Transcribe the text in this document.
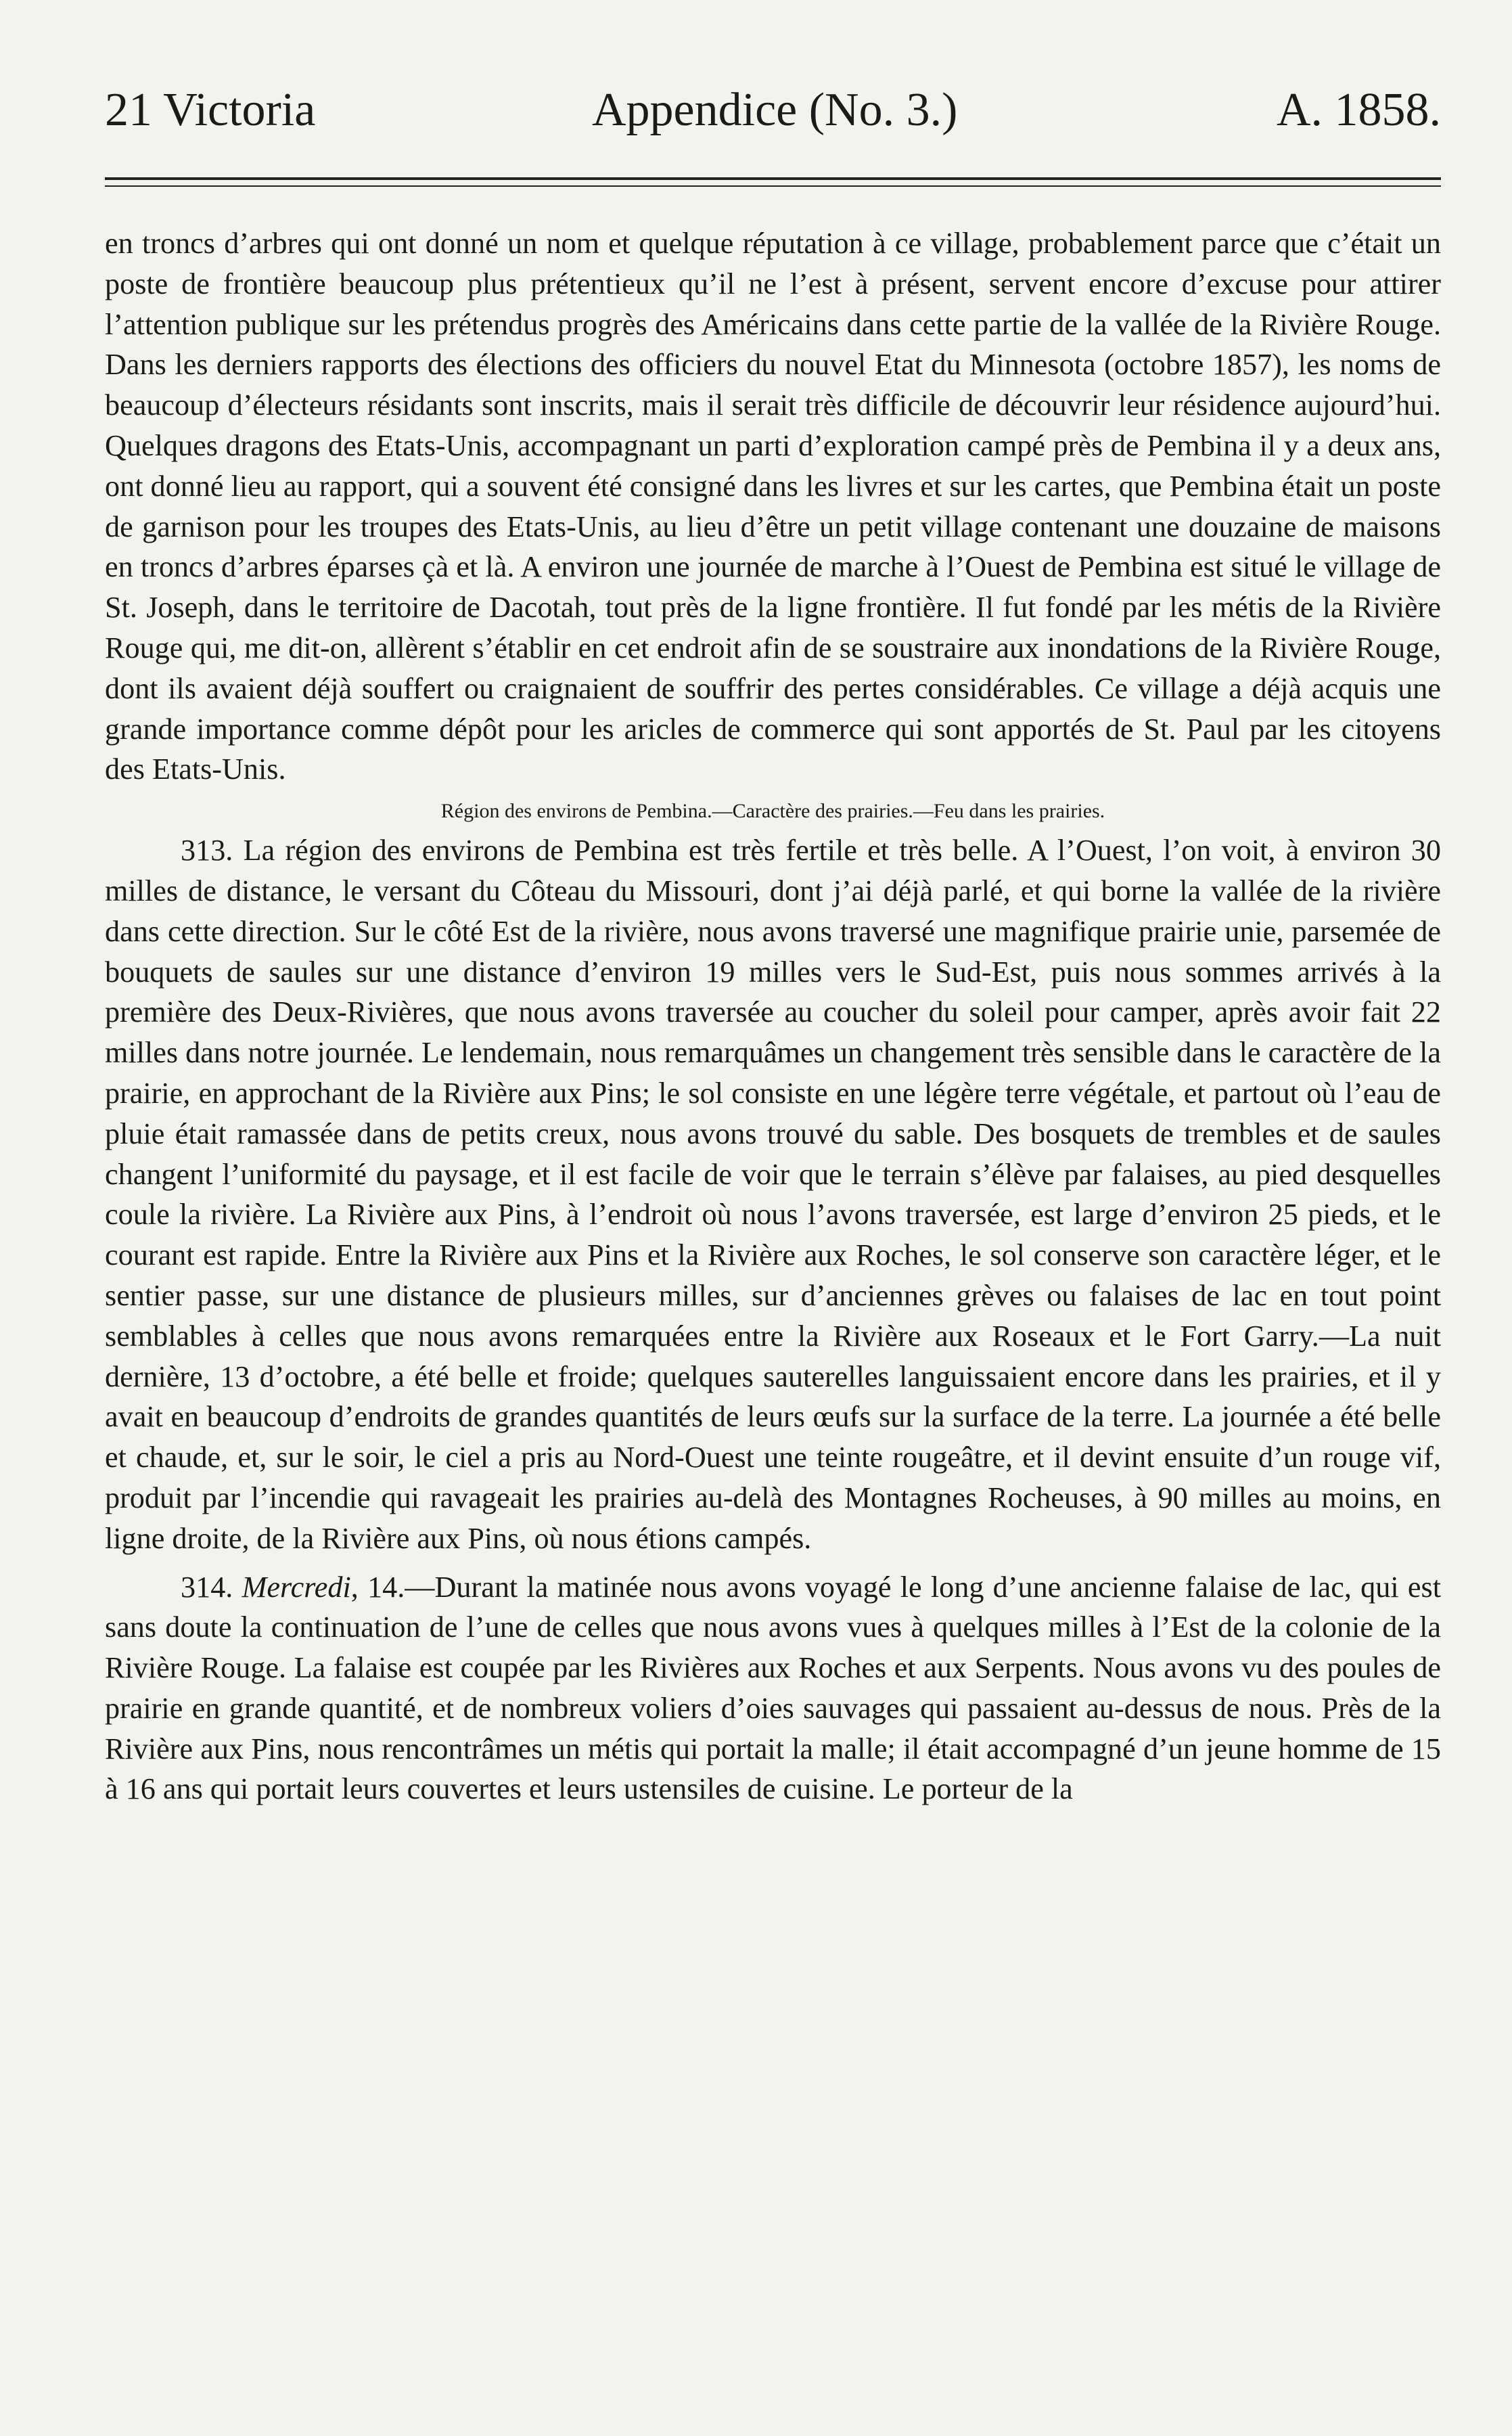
21 Victoria	Appendice (No. 3.)	A. 1858.

en troncs d’arbres qui ont donné un nom et quelque réputation à ce village, probablement parce que c’était un poste de frontière beaucoup plus prétentieux qu’il ne l’est à présent, servent encore d’excuse pour attirer l’attention publique sur les prétendus progrès des Américains dans cette partie de la vallée de la Rivière Rouge. Dans les derniers rapports des élections des officiers du nouvel Etat du Minnesota (octobre 1857), les noms de beaucoup d’électeurs résidants sont inscrits, mais il serait très difficile de découvrir leur résidence aujourd’hui. Quelques dragons des Etats-Unis, accompagnant un parti d’exploration campé près de Pembina il y a deux ans, ont donné lieu au rapport, qui a souvent été consigné dans les livres et sur les cartes, que Pembina était un poste de garnison pour les troupes des Etats-Unis, au lieu d’être un petit village contenant une douzaine de maisons en troncs d’arbres éparses çà et là. A environ une journée de marche à l’Ouest de Pembina est situé le village de St. Joseph, dans le territoire de Dacotah, tout près de la ligne frontière. Il fut fondé par les métis de la Rivière Rouge qui, me dit-on, allèrent s’établir en cet endroit afin de se soustraire aux inondations de la Rivière Rouge, dont ils avaient déjà souffert ou craignaient de souffrir des pertes considérables. Ce village a déjà acquis une grande importance comme dépôt pour les aricles de commerce qui sont apportés de St. Paul par les citoyens des Etats-Unis.

Région des environs de Pembina.—Caractère des prairies.—Feu dans les prairies.

313. La région des environs de Pembina est très fertile et très belle. A l’Ouest, l’on voit, à environ 30 milles de distance, le versant du Côteau du Missouri, dont j’ai déjà parlé, et qui borne la vallée de la rivière dans cette direction. Sur le côté Est de la rivière, nous avons traversé une magnifique prairie unie, parsemée de bouquets de saules sur une distance d’environ 19 milles vers le Sud-Est, puis nous sommes arrivés à la première des Deux-Rivières, que nous avons traversée au coucher du soleil pour camper, après avoir fait 22 milles dans notre journée. Le lendemain, nous remarquâmes un changement très sensible dans le caractère de la prairie, en approchant de la Rivière aux Pins; le sol consiste en une légère terre végétale, et partout où l’eau de pluie était ramassée dans de petits creux, nous avons trouvé du sable. Des bosquets de trembles et de saules changent l’uniformité du paysage, et il est facile de voir que le terrain s’élève par falaises, au pied desquelles coule la rivière. La Rivière aux Pins, à l’endroit où nous l’avons traversée, est large d’environ 25 pieds, et le courant est rapide. Entre la Rivière aux Pins et la Rivière aux Roches, le sol conserve son caractère léger, et le sentier passe, sur une distance de plusieurs milles, sur d’anciennes grèves ou falaises de lac en tout point semblables à celles que nous avons remarquées entre la Rivière aux Roseaux et le Fort Garry.—La nuit dernière, 13 d’octobre, a été belle et froide; quelques sauterelles languissaient encore dans les prairies, et il y avait en beaucoup d’endroits de grandes quantités de leurs œufs sur la surface de la terre. La journée a été belle et chaude, et, sur le soir, le ciel a pris au Nord-Ouest une teinte rougeâtre, et il devint ensuite d’un rouge vif, produit par l’incendie qui ravageait les prairies au-delà des Montagnes Rocheuses, à 90 milles au moins, en ligne droite, de la Rivière aux Pins, où nous étions campés.

314. Mercredi, 14.—Durant la matinée nous avons voyagé le long d’une ancienne falaise de lac, qui est sans doute la continuation de l’une de celles que nous avons vues à quelques milles à l’Est de la colonie de la Rivière Rouge. La falaise est coupée par les Rivières aux Roches et aux Serpents. Nous avons vu des poules de prairie en grande quantité, et de nombreux voliers d’oies sauvages qui passaient au-dessus de nous. Près de la Rivière aux Pins, nous rencontrâmes un métis qui portait la malle; il était accompagné d’un jeune homme de 15 à 16 ans qui portait leurs couvertes et leurs ustensiles de cuisine. Le porteur de la
